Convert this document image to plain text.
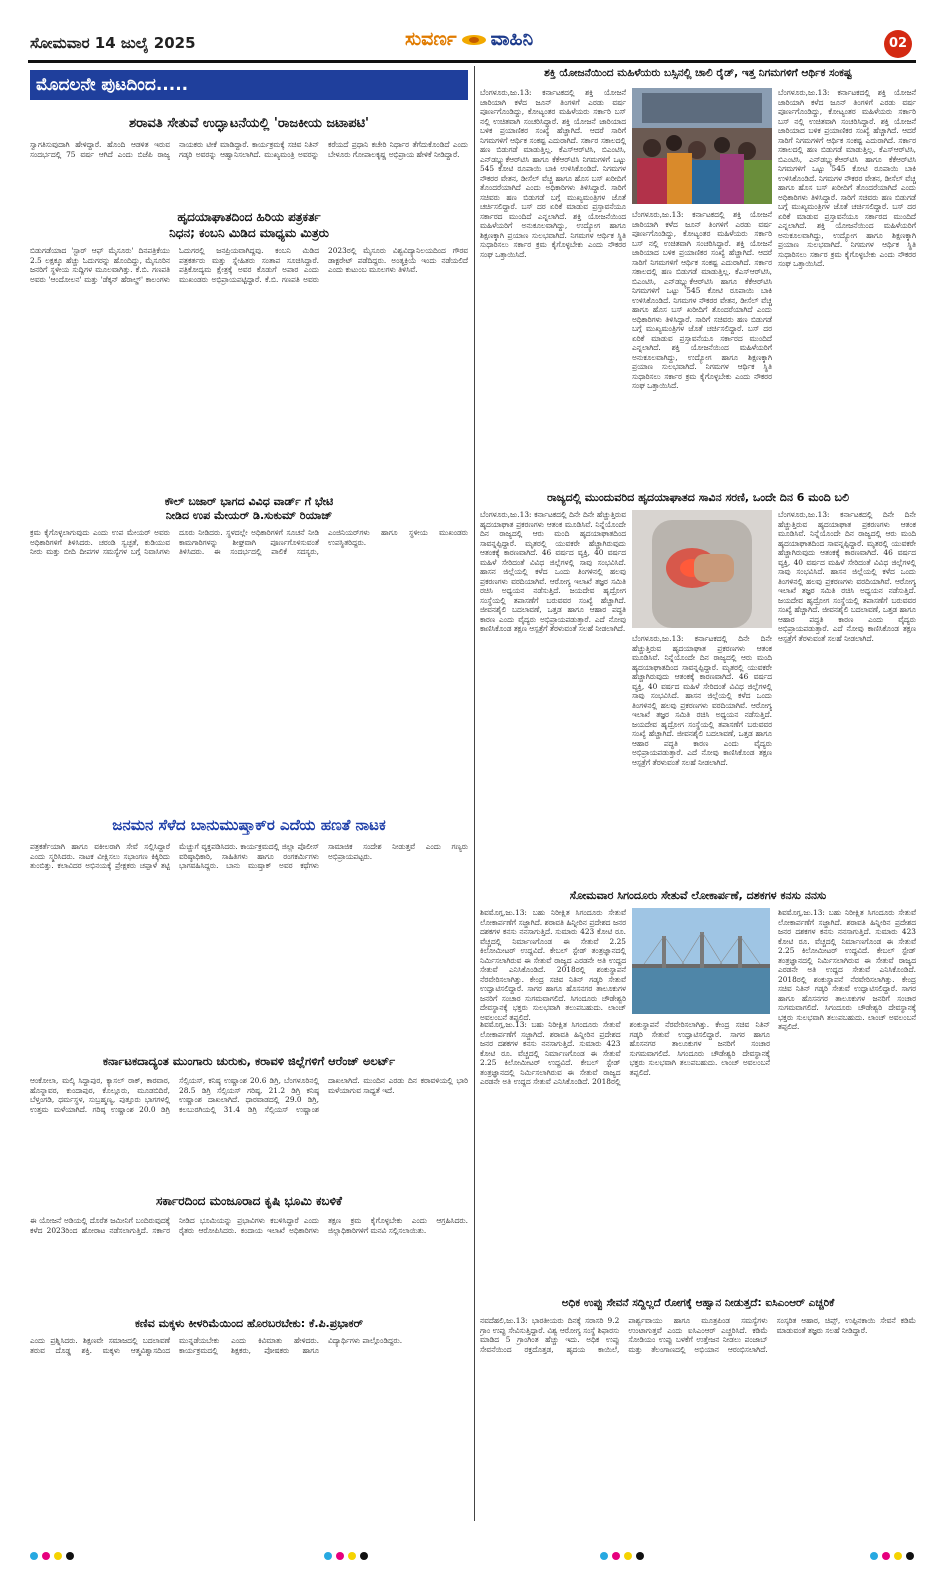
ಸೋಮವಾರ 14 ಜುಲೈ 2025	ಸುವರ್ಣ ವಾಹಿನಿ	02
ಮೊದಲನೇ ಪುಟದಿಂದ.....
ಶರಾವತಿ ಸೇತುವೆ ಉದ್ಘಾಟನೆಯಲ್ಲಿ 'ರಾಜಕೀಯ ಜಟಾಪಟಿ'
ಸ್ವಾಗತಿಸುವುದಾಗಿ ಹೇಳಿದ್ದಾರೆ. ಹೊಂದಿ ಆಡಳಿತ ಇರುವ ಸಂದರ್ಭದಲ್ಲಿ 75 ವರ್ಷ ಆಗಿದೆ ಎಂದು ಬಿಜೆಪಿ ರಾಜ್ಯ ನಾಯಕರು ಟೀಕೆ ಮಾಡಿದ್ದಾರೆ. ಕಾರ್ಯಕ್ರಮಕ್ಕೆ ಸಚಿವ ನಿತಿನ್ ಗಡ್ಕರಿ ಅವರನ್ನು ಆಹ್ವಾನಿಸಲಾಗಿದೆ. ಮುಖ್ಯಮಂತ್ರಿ ಅವರನ್ನು ಕರೆಯದೆ ಪ್ರಧಾನಿ ಕಚೇರಿ ನಿರ್ಧಾರ ತೆಗೆದುಕೊಂಡಿದೆ ಎಂದು ಬೇಳೂರು ಗೋಪಾಲಕೃಷ್ಣ ಅಭಿಪ್ರಾಯ ಹೇಳಿಕೆ ನೀಡಿದ್ದಾರೆ.
ಹೃದಯಾಘಾತದಿಂದ ಹಿರಿಯ ಪತ್ರಕರ್ತ
ನಿಧನ; ಕಂಬನಿ ಮಿಡಿದ ಮಾಧ್ಯಮ ಮಿತ್ರರು
ಬಿಡುಗಡೆಯಾದ 'ಸ್ಟಾರ್ ಆಫ್ ಮೈಸೂರು' ದಿನಪತ್ರಿಕೆಯು 2.5 ಲಕ್ಷಕ್ಕೂ ಹೆಚ್ಚು ಓದುಗರನ್ನು ಹೊಂದಿದ್ದು, ಮೈಸೂರಿನ ಜನರಿಗೆ ಸ್ಥಳೀಯ ಸುದ್ದಿಗಳ ಮೂಲವಾಗಿತ್ತು. ಕೆ.ಬಿ. ಗಣಪತಿ ಅವರು 'ಆಂದೋಲನ' ಮತ್ತು 'ಡೆಕ್ಕನ್ ಹೆರಾಲ್ಡ್' ಕಾಲಂಗಳು ಓದುಗರಲ್ಲಿ ಜನಪ್ರಿಯವಾಗಿದ್ದವು. ಕಂಬನಿ ಮಿಡಿದ ಪತ್ರಕರ್ತರು ಮತ್ತು ಸ್ನೇಹಿತರು ಸಂತಾಪ ಸೂಚಿಸಿದ್ದಾರೆ. ಪತ್ರಿಕೋದ್ಯಮ ಕ್ಷೇತ್ರಕ್ಕೆ ಅವರ ಕೊಡುಗೆ ಅಪಾರ ಎಂದು ಮುಖಂಡರು ಅಭಿಪ್ರಾಯಪಟ್ಟಿದ್ದಾರೆ. ಕೆ.ಬಿ. ಗಣಪತಿ ಅವರು 2023ರಲ್ಲಿ ಮೈಸೂರು ವಿಶ್ವವಿದ್ಯಾನಿಲಯದಿಂದ ಗೌರವ ಡಾಕ್ಟರೇಟ್ ಪಡೆದಿದ್ದರು. ಅಂತ್ಯಕ್ರಿಯೆ ಇಂದು ನಡೆಯಲಿದೆ ಎಂದು ಕುಟುಂಬ ಮೂಲಗಳು ತಿಳಿಸಿವೆ.
ಕೌಲ್ ಬಜಾರ್ ಭಾಗದ ವಿವಿಧ ವಾರ್ಡ್ ಗೆ ಭೇಟಿ
ನೀಡಿದ ಉಪ ಮೇಯರ್ ಡಿ.ಸುಕುಮ್ ರಿಯಾಜ್
ಕ್ರಮ ಕೈಗೊಳ್ಳಲಾಗುವುದು ಎಂದು ಉಪ ಮೇಯರ್ ಅವರು ಅಧಿಕಾರಿಗಳಿಗೆ ತಿಳಿಸಿದರು. ಚರಂಡಿ ಸ್ವಚ್ಛತೆ, ಕುಡಿಯುವ ನೀರು ಮತ್ತು ಬೀದಿ ದೀಪಗಳ ಸಮಸ್ಯೆಗಳ ಬಗ್ಗೆ ನಿವಾಸಿಗಳು ದೂರು ನೀಡಿದರು. ಸ್ಥಳದಲ್ಲೇ ಅಧಿಕಾರಿಗಳಿಗೆ ಸೂಚನೆ ನೀಡಿ ಕಾಮಗಾರಿಗಳನ್ನು ಶೀಘ್ರವಾಗಿ ಪೂರ್ಣಗೊಳಿಸುವಂತೆ ತಿಳಿಸಿದರು. ಈ ಸಂದರ್ಭದಲ್ಲಿ ಪಾಲಿಕೆ ಸದಸ್ಯರು, ಎಂಜಿನಿಯರ್‌ಗಳು ಹಾಗೂ ಸ್ಥಳೀಯ ಮುಖಂಡರು ಉಪಸ್ಥಿತರಿದ್ದರು.
ಜನಮನ ಸೆಳೆದ ಬಾನುಮುಷ್ತಾಕ್‌ರ ಎದೆಯ ಹಣತೆ ನಾಟಕ
ಪತ್ರಕರ್ತೆಯಾಗಿ ಹಾಗೂ ವಕೀಲರಾಗಿ ಸೇವೆ ಸಲ್ಲಿಸಿದ್ದಾರೆ ಎಂದು ಸ್ಮರಿಸಿದರು. ನಾಟಕ ವೀಕ್ಷಿಸಲು ಸಭಾಂಗಣ ಕಿಕ್ಕಿರಿದು ತುಂಬಿತ್ತು. ಕಲಾವಿದರ ಅಭಿನಯಕ್ಕೆ ಪ್ರೇಕ್ಷಕರು ಚಪ್ಪಾಳೆ ತಟ್ಟಿ ಮೆಚ್ಚುಗೆ ವ್ಯಕ್ತಪಡಿಸಿದರು. ಕಾರ್ಯಕ್ರಮದಲ್ಲಿ ಜಿಲ್ಲಾ ಪೊಲೀಸ್ ವರಿಷ್ಠಾಧಿಕಾರಿ, ಸಾಹಿತಿಗಳು ಹಾಗೂ ರಂಗಕರ್ಮಿಗಳು ಭಾಗವಹಿಸಿದ್ದರು. ಬಾನು ಮುಷ್ತಾಕ್ ಅವರ ಕಥೆಗಳು ಸಾಮಾಜಿಕ ಸಂದೇಶ ನೀಡುತ್ತವೆ ಎಂದು ಗಣ್ಯರು ಅಭಿಪ್ರಾಯಪಟ್ಟರು.
ಕರ್ನಾಟಕದಾದ್ಯಂತ ಮುಂಗಾರು ಚುರುಕು, ಕರಾವಳಿ ಜಿಲ್ಲೆಗಳಿಗೆ ಆರೆಂಜ್ ಅಲರ್ಟ್
ಆಂಕೋಲಾ, ಮಲ್ಕಿ ಸಿದ್ದಾಪುರ, ಕ್ಯಾಸಲ್ ರಾಕ್, ಕಾರವಾರ, ಹೊನ್ನಾವರ, ಕುಂದಾಪುರ, ಕೊಲ್ಲೂರು, ಮೂಡಬಿದಿರೆ, ಬೆಳ್ತಂಗಡಿ, ಧರ್ಮಸ್ಥಳ, ಸುಬ್ರಹ್ಮಣ್ಯ, ಪುತ್ತೂರು ಭಾಗಗಳಲ್ಲಿ ಉತ್ತಮ ಮಳೆಯಾಗಿದೆ. ಗರಿಷ್ಠ ಉಷ್ಣಾಂಶ 20.0 ಡಿಗ್ರಿ ಸೆಲ್ಸಿಯಸ್, ಕನಿಷ್ಠ ಉಷ್ಣಾಂಶ 20.6 ಡಿಗ್ರಿ, ಬೆಂಗಳೂರಿನಲ್ಲಿ 28.5 ಡಿಗ್ರಿ ಸೆಲ್ಸಿಯಸ್ ಗರಿಷ್ಠ, 21.2 ಡಿಗ್ರಿ ಕನಿಷ್ಠ ಉಷ್ಣಾಂಶ ದಾಖಲಾಗಿದೆ. ಧಾರವಾಡದಲ್ಲಿ 29.0 ಡಿಗ್ರಿ, ಕಲಬುರಗಿಯಲ್ಲಿ 31.4 ಡಿಗ್ರಿ ಸೆಲ್ಸಿಯಸ್ ಉಷ್ಣಾಂಶ ದಾಖಲಾಗಿದೆ. ಮುಂದಿನ ಎರಡು ದಿನ ಕರಾವಳಿಯಲ್ಲಿ ಭಾರಿ ಮಳೆಯಾಗುವ ಸಾಧ್ಯತೆ ಇದೆ.
ಸರ್ಕಾರದಿಂದ ಮಂಜೂರಾದ ಕೃಷಿ ಭೂಮಿ ಕಬಳಿಕೆ
ಈ ಯೋಜನೆ ಅಡಿಯಲ್ಲಿ ದೊರೆತ ಜಮೀನಿಗೆ ಬಂದಿರುವುದಕ್ಕೆ ಕಳೆದ 2023ರಿಂದ ಹೋರಾಟ ನಡೆಸಲಾಗುತ್ತಿದೆ. ಸರ್ಕಾರ ನೀಡಿದ ಭೂಮಿಯನ್ನು ಪ್ರಭಾವಿಗಳು ಕಬಳಿಸಿದ್ದಾರೆ ಎಂದು ರೈತರು ಆರೋಪಿಸಿದರು. ಕಂದಾಯ ಇಲಾಖೆ ಅಧಿಕಾರಿಗಳು ತಕ್ಷಣ ಕ್ರಮ ಕೈಗೊಳ್ಳಬೇಕು ಎಂದು ಆಗ್ರಹಿಸಿದರು. ಜಿಲ್ಲಾಧಿಕಾರಿಗಳಿಗೆ ಮನವಿ ಸಲ್ಲಿಸಲಾಯಿತು.
ಕಣಿವ ಮಕ್ಕಳು ಕೀಳರಿಮೆಯಿಂದ ಹೊರಬರಬೇಕು: ಕೆ.ಪಿ.ಪ್ರಭಾಕರ್
ಎಂದು ಪ್ರಶ್ನಿಸಿದರು. ಶಿಕ್ಷಣವೇ ಸಮಾಜದಲ್ಲಿ ಬದಲಾವಣೆ ತರುವ ದೊಡ್ಡ ಶಕ್ತಿ. ಮಕ್ಕಳು ಆತ್ಮವಿಶ್ವಾಸದಿಂದ ಮುನ್ನಡೆಯಬೇಕು ಎಂದು ಕಿವಿಮಾತು ಹೇಳಿದರು. ಕಾರ್ಯಕ್ರಮದಲ್ಲಿ ಶಿಕ್ಷಕರು, ಪೋಷಕರು ಹಾಗೂ ವಿದ್ಯಾರ್ಥಿಗಳು ಪಾಲ್ಗೊಂಡಿದ್ದರು.
ಶಕ್ತಿ ಯೋಜನೆಯಿಂದ ಮಹಿಳೆಯರು ಬಸ್ಸಿನಲ್ಲಿ ಚಾಲಿ ರೈಡ್, ಇತ್ತ ನಿಗಮಗಳಿಗೆ ಆರ್ಥಿಕ ಸಂಕಷ್ಟ
ಬೆಂಗಳೂರು,ಜು.13: ಕರ್ನಾಟಕದಲ್ಲಿ ಶಕ್ತಿ ಯೋಜನೆ ಜಾರಿಯಾಗಿ ಕಳೆದ ಜೂನ್ ತಿಂಗಳಿಗೆ ಎರಡು ವರ್ಷ ಪೂರ್ಣಗೊಂಡಿದ್ದು, ಕೋಟ್ಯಂತರ ಮಹಿಳೆಯರು ಸರ್ಕಾರಿ ಬಸ್ ನಲ್ಲಿ ಉಚಿತವಾಗಿ ಸಂಚರಿಸಿದ್ದಾರೆ. ಶಕ್ತಿ ಯೋಜನೆ ಜಾರಿಯಾದ ಬಳಿಕ ಪ್ರಯಾಣಿಕರ ಸಂಖ್ಯೆ ಹೆಚ್ಚಾಗಿದೆ. ಆದರೆ ಸಾರಿಗೆ ನಿಗಮಗಳಿಗೆ ಆರ್ಥಿಕ ಸಂಕಷ್ಟ ಎದುರಾಗಿದೆ. ಸರ್ಕಾರ ಸಕಾಲದಲ್ಲಿ ಹಣ ಬಿಡುಗಡೆ ಮಾಡುತ್ತಿಲ್ಲ. ಕೆಎಸ್ಆರ್‌ಟಿಸಿ, ಬಿಎಂಟಿಸಿ, ಎನ್‌ಡಬ್ಲ್ಯುಕೆಆರ್‌ಟಿಸಿ ಹಾಗೂ ಕೆಕೆಆರ್‌ಟಿಸಿ ನಿಗಮಗಳಿಗೆ ಒಟ್ಟು 545 ಕೋಟಿ ರೂಪಾಯಿ ಬಾಕಿ ಉಳಿಸಿಕೊಂಡಿದೆ. ನಿಗಮಗಳ ನೌಕರರ ವೇತನ, ಡೀಸೆಲ್ ವೆಚ್ಚ ಹಾಗೂ ಹೊಸ ಬಸ್ ಖರೀದಿಗೆ ತೊಂದರೆಯಾಗಿದೆ ಎಂದು ಅಧಿಕಾರಿಗಳು ತಿಳಿಸಿದ್ದಾರೆ. ಸಾರಿಗೆ ಸಚಿವರು ಹಣ ಬಿಡುಗಡೆ ಬಗ್ಗೆ ಮುಖ್ಯಮಂತ್ರಿಗಳ ಜೊತೆ ಚರ್ಚಿಸಲಿದ್ದಾರೆ. ಬಸ್ ದರ ಏರಿಕೆ ಮಾಡುವ ಪ್ರಸ್ತಾವನೆಯೂ ಸರ್ಕಾರದ ಮುಂದಿದೆ ಎನ್ನಲಾಗಿದೆ. ಶಕ್ತಿ ಯೋಜನೆಯಿಂದ ಮಹಿಳೆಯರಿಗೆ ಅನುಕೂಲವಾಗಿದ್ದು, ಉದ್ಯೋಗ ಹಾಗೂ ಶಿಕ್ಷಣಕ್ಕಾಗಿ ಪ್ರಯಾಣ ಸುಲಭವಾಗಿದೆ. ನಿಗಮಗಳ ಆರ್ಥಿಕ ಸ್ಥಿತಿ ಸುಧಾರಿಸಲು ಸರ್ಕಾರ ಕ್ರಮ ಕೈಗೊಳ್ಳಬೇಕು ಎಂದು ನೌಕರರ ಸಂಘ ಒತ್ತಾಯಿಸಿದೆ.
ಬೆಂಗಳೂರು,ಜು.13: ಕರ್ನಾಟಕದಲ್ಲಿ ಶಕ್ತಿ ಯೋಜನೆ ಜಾರಿಯಾಗಿ ಕಳೆದ ಜೂನ್ ತಿಂಗಳಿಗೆ ಎರಡು ವರ್ಷ ಪೂರ್ಣಗೊಂಡಿದ್ದು, ಕೋಟ್ಯಂತರ ಮಹಿಳೆಯರು ಸರ್ಕಾರಿ ಬಸ್ ನಲ್ಲಿ ಉಚಿತವಾಗಿ ಸಂಚರಿಸಿದ್ದಾರೆ. ಶಕ್ತಿ ಯೋಜನೆ ಜಾರಿಯಾದ ಬಳಿಕ ಪ್ರಯಾಣಿಕರ ಸಂಖ್ಯೆ ಹೆಚ್ಚಾಗಿದೆ. ಆದರೆ ಸಾರಿಗೆ ನಿಗಮಗಳಿಗೆ ಆರ್ಥಿಕ ಸಂಕಷ್ಟ ಎದುರಾಗಿದೆ. ಸರ್ಕಾರ ಸಕಾಲದಲ್ಲಿ ಹಣ ಬಿಡುಗಡೆ ಮಾಡುತ್ತಿಲ್ಲ. ಕೆಎಸ್ಆರ್‌ಟಿಸಿ, ಬಿಎಂಟಿಸಿ, ಎನ್‌ಡಬ್ಲ್ಯುಕೆಆರ್‌ಟಿಸಿ ಹಾಗೂ ಕೆಕೆಆರ್‌ಟಿಸಿ ನಿಗಮಗಳಿಗೆ ಒಟ್ಟು 545 ಕೋಟಿ ರೂಪಾಯಿ ಬಾಕಿ ಉಳಿಸಿಕೊಂಡಿದೆ. ನಿಗಮಗಳ ನೌಕರರ ವೇತನ, ಡೀಸೆಲ್ ವೆಚ್ಚ ಹಾಗೂ ಹೊಸ ಬಸ್ ಖರೀದಿಗೆ ತೊಂದರೆಯಾಗಿದೆ ಎಂದು ಅಧಿಕಾರಿಗಳು ತಿಳಿಸಿದ್ದಾರೆ. ಸಾರಿಗೆ ಸಚಿವರು ಹಣ ಬಿಡುಗಡೆ ಬಗ್ಗೆ ಮುಖ್ಯಮಂತ್ರಿಗಳ ಜೊತೆ ಚರ್ಚಿಸಲಿದ್ದಾರೆ. ಬಸ್ ದರ ಏರಿಕೆ ಮಾಡುವ ಪ್ರಸ್ತಾವನೆಯೂ ಸರ್ಕಾರದ ಮುಂದಿದೆ ಎನ್ನಲಾಗಿದೆ. ಶಕ್ತಿ ಯೋಜನೆಯಿಂದ ಮಹಿಳೆಯರಿಗೆ ಅನುಕೂಲವಾಗಿದ್ದು, ಉದ್ಯೋಗ ಹಾಗೂ ಶಿಕ್ಷಣಕ್ಕಾಗಿ ಪ್ರಯಾಣ ಸುಲಭವಾಗಿದೆ. ನಿಗಮಗಳ ಆರ್ಥಿಕ ಸ್ಥಿತಿ ಸುಧಾರಿಸಲು ಸರ್ಕಾರ ಕ್ರಮ ಕೈಗೊಳ್ಳಬೇಕು ಎಂದು ನೌಕರರ ಸಂಘ ಒತ್ತಾಯಿಸಿದೆ.
ಬೆಂಗಳೂರು,ಜು.13: ಕರ್ನಾಟಕದಲ್ಲಿ ಶಕ್ತಿ ಯೋಜನೆ ಜಾರಿಯಾಗಿ ಕಳೆದ ಜೂನ್ ತಿಂಗಳಿಗೆ ಎರಡು ವರ್ಷ ಪೂರ್ಣಗೊಂಡಿದ್ದು, ಕೋಟ್ಯಂತರ ಮಹಿಳೆಯರು ಸರ್ಕಾರಿ ಬಸ್ ನಲ್ಲಿ ಉಚಿತವಾಗಿ ಸಂಚರಿಸಿದ್ದಾರೆ. ಶಕ್ತಿ ಯೋಜನೆ ಜಾರಿಯಾದ ಬಳಿಕ ಪ್ರಯಾಣಿಕರ ಸಂಖ್ಯೆ ಹೆಚ್ಚಾಗಿದೆ. ಆದರೆ ಸಾರಿಗೆ ನಿಗಮಗಳಿಗೆ ಆರ್ಥಿಕ ಸಂಕಷ್ಟ ಎದುರಾಗಿದೆ. ಸರ್ಕಾರ ಸಕಾಲದಲ್ಲಿ ಹಣ ಬಿಡುಗಡೆ ಮಾಡುತ್ತಿಲ್ಲ. ಕೆಎಸ್ಆರ್‌ಟಿಸಿ, ಬಿಎಂಟಿಸಿ, ಎನ್‌ಡಬ್ಲ್ಯುಕೆಆರ್‌ಟಿಸಿ ಹಾಗೂ ಕೆಕೆಆರ್‌ಟಿಸಿ ನಿಗಮಗಳಿಗೆ ಒಟ್ಟು 545 ಕೋಟಿ ರೂಪಾಯಿ ಬಾಕಿ ಉಳಿಸಿಕೊಂಡಿದೆ. ನಿಗಮಗಳ ನೌಕರರ ವೇತನ, ಡೀಸೆಲ್ ವೆಚ್ಚ ಹಾಗೂ ಹೊಸ ಬಸ್ ಖರೀದಿಗೆ ತೊಂದರೆಯಾಗಿದೆ ಎಂದು ಅಧಿಕಾರಿಗಳು ತಿಳಿಸಿದ್ದಾರೆ. ಸಾರಿಗೆ ಸಚಿವರು ಹಣ ಬಿಡುಗಡೆ ಬಗ್ಗೆ ಮುಖ್ಯಮಂತ್ರಿಗಳ ಜೊತೆ ಚರ್ಚಿಸಲಿದ್ದಾರೆ. ಬಸ್ ದರ ಏರಿಕೆ ಮಾಡುವ ಪ್ರಸ್ತಾವನೆಯೂ ಸರ್ಕಾರದ ಮುಂದಿದೆ ಎನ್ನಲಾಗಿದೆ. ಶಕ್ತಿ ಯೋಜನೆಯಿಂದ ಮಹಿಳೆಯರಿಗೆ ಅನುಕೂಲವಾಗಿದ್ದು, ಉದ್ಯೋಗ ಹಾಗೂ ಶಿಕ್ಷಣಕ್ಕಾಗಿ ಪ್ರಯಾಣ ಸುಲಭವಾಗಿದೆ. ನಿಗಮಗಳ ಆರ್ಥಿಕ ಸ್ಥಿತಿ ಸುಧಾರಿಸಲು ಸರ್ಕಾರ ಕ್ರಮ ಕೈಗೊಳ್ಳಬೇಕು ಎಂದು ನೌಕರರ ಸಂಘ ಒತ್ತಾಯಿಸಿದೆ.
ರಾಜ್ಯದಲ್ಲಿ ಮುಂದುವರಿದ ಹೃದಯಾಘಾತದ ಸಾವಿನ ಸರಣಿ, ಒಂದೇ ದಿನ 6 ಮಂದಿ ಬಲಿ
ಬೆಂಗಳೂರು,ಜು.13: ಕರ್ನಾಟಕದಲ್ಲಿ ದಿನೇ ದಿನೇ ಹೆಚ್ಚುತ್ತಿರುವ ಹೃದಯಾಘಾತ ಪ್ರಕರಣಗಳು ಆತಂಕ ಮೂಡಿಸಿವೆ. ನಿನ್ನೆಯೊಂದೇ ದಿನ ರಾಜ್ಯದಲ್ಲಿ ಆರು ಮಂದಿ ಹೃದಯಾಘಾತದಿಂದ ಸಾವನ್ನಪ್ಪಿದ್ದಾರೆ. ಮೃತರಲ್ಲಿ ಯುವಕರೇ ಹೆಚ್ಚಾಗಿರುವುದು ಆತಂಕಕ್ಕೆ ಕಾರಣವಾಗಿದೆ. 46 ವರ್ಷದ ವ್ಯಕ್ತಿ, 40 ವರ್ಷದ ಮಹಿಳೆ ಸೇರಿದಂತೆ ವಿವಿಧ ಜಿಲ್ಲೆಗಳಲ್ಲಿ ಸಾವು ಸಂಭವಿಸಿದೆ. ಹಾಸನ ಜಿಲ್ಲೆಯಲ್ಲಿ ಕಳೆದ ಒಂದು ತಿಂಗಳಿನಲ್ಲಿ ಹಲವು ಪ್ರಕರಣಗಳು ವರದಿಯಾಗಿವೆ. ಆರೋಗ್ಯ ಇಲಾಖೆ ತಜ್ಞರ ಸಮಿತಿ ರಚಿಸಿ ಅಧ್ಯಯನ ನಡೆಸುತ್ತಿದೆ. ಜಯದೇವ ಹೃದ್ರೋಗ ಸಂಸ್ಥೆಯಲ್ಲಿ ತಪಾಸಣೆಗೆ ಬರುವವರ ಸಂಖ್ಯೆ ಹೆಚ್ಚಾಗಿದೆ. ಜೀವನಶೈಲಿ ಬದಲಾವಣೆ, ಒತ್ತಡ ಹಾಗೂ ಆಹಾರ ಪದ್ಧತಿ ಕಾರಣ ಎಂದು ವೈದ್ಯರು ಅಭಿಪ್ರಾಯಪಡುತ್ತಾರೆ. ಎದೆ ನೋವು ಕಾಣಿಸಿಕೊಂಡ ತಕ್ಷಣ ಆಸ್ಪತ್ರೆಗೆ ತೆರಳುವಂತೆ ಸಲಹೆ ನೀಡಲಾಗಿದೆ.
ಬೆಂಗಳೂರು,ಜು.13: ಕರ್ನಾಟಕದಲ್ಲಿ ದಿನೇ ದಿನೇ ಹೆಚ್ಚುತ್ತಿರುವ ಹೃದಯಾಘಾತ ಪ್ರಕರಣಗಳು ಆತಂಕ ಮೂಡಿಸಿವೆ. ನಿನ್ನೆಯೊಂದೇ ದಿನ ರಾಜ್ಯದಲ್ಲಿ ಆರು ಮಂದಿ ಹೃದಯಾಘಾತದಿಂದ ಸಾವನ್ನಪ್ಪಿದ್ದಾರೆ. ಮೃತರಲ್ಲಿ ಯುವಕರೇ ಹೆಚ್ಚಾಗಿರುವುದು ಆತಂಕಕ್ಕೆ ಕಾರಣವಾಗಿದೆ. 46 ವರ್ಷದ ವ್ಯಕ್ತಿ, 40 ವರ್ಷದ ಮಹಿಳೆ ಸೇರಿದಂತೆ ವಿವಿಧ ಜಿಲ್ಲೆಗಳಲ್ಲಿ ಸಾವು ಸಂಭವಿಸಿದೆ. ಹಾಸನ ಜಿಲ್ಲೆಯಲ್ಲಿ ಕಳೆದ ಒಂದು ತಿಂಗಳಿನಲ್ಲಿ ಹಲವು ಪ್ರಕರಣಗಳು ವರದಿಯಾಗಿವೆ. ಆರೋಗ್ಯ ಇಲಾಖೆ ತಜ್ಞರ ಸಮಿತಿ ರಚಿಸಿ ಅಧ್ಯಯನ ನಡೆಸುತ್ತಿದೆ. ಜಯದೇವ ಹೃದ್ರೋಗ ಸಂಸ್ಥೆಯಲ್ಲಿ ತಪಾಸಣೆಗೆ ಬರುವವರ ಸಂಖ್ಯೆ ಹೆಚ್ಚಾಗಿದೆ. ಜೀವನಶೈಲಿ ಬದಲಾವಣೆ, ಒತ್ತಡ ಹಾಗೂ ಆಹಾರ ಪದ್ಧತಿ ಕಾರಣ ಎಂದು ವೈದ್ಯರು ಅಭಿಪ್ರಾಯಪಡುತ್ತಾರೆ. ಎದೆ ನೋವು ಕಾಣಿಸಿಕೊಂಡ ತಕ್ಷಣ ಆಸ್ಪತ್ರೆಗೆ ತೆರಳುವಂತೆ ಸಲಹೆ ನೀಡಲಾಗಿದೆ.
ಬೆಂಗಳೂರು,ಜು.13: ಕರ್ನಾಟಕದಲ್ಲಿ ದಿನೇ ದಿನೇ ಹೆಚ್ಚುತ್ತಿರುವ ಹೃದಯಾಘಾತ ಪ್ರಕರಣಗಳು ಆತಂಕ ಮೂಡಿಸಿವೆ. ನಿನ್ನೆಯೊಂದೇ ದಿನ ರಾಜ್ಯದಲ್ಲಿ ಆರು ಮಂದಿ ಹೃದಯಾಘಾತದಿಂದ ಸಾವನ್ನಪ್ಪಿದ್ದಾರೆ. ಮೃತರಲ್ಲಿ ಯುವಕರೇ ಹೆಚ್ಚಾಗಿರುವುದು ಆತಂಕಕ್ಕೆ ಕಾರಣವಾಗಿದೆ. 46 ವರ್ಷದ ವ್ಯಕ್ತಿ, 40 ವರ್ಷದ ಮಹಿಳೆ ಸೇರಿದಂತೆ ವಿವಿಧ ಜಿಲ್ಲೆಗಳಲ್ಲಿ ಸಾವು ಸಂಭವಿಸಿದೆ. ಹಾಸನ ಜಿಲ್ಲೆಯಲ್ಲಿ ಕಳೆದ ಒಂದು ತಿಂಗಳಿನಲ್ಲಿ ಹಲವು ಪ್ರಕರಣಗಳು ವರದಿಯಾಗಿವೆ. ಆರೋಗ್ಯ ಇಲಾಖೆ ತಜ್ಞರ ಸಮಿತಿ ರಚಿಸಿ ಅಧ್ಯಯನ ನಡೆಸುತ್ತಿದೆ. ಜಯದೇವ ಹೃದ್ರೋಗ ಸಂಸ್ಥೆಯಲ್ಲಿ ತಪಾಸಣೆಗೆ ಬರುವವರ ಸಂಖ್ಯೆ ಹೆಚ್ಚಾಗಿದೆ. ಜೀವನಶೈಲಿ ಬದಲಾವಣೆ, ಒತ್ತಡ ಹಾಗೂ ಆಹಾರ ಪದ್ಧತಿ ಕಾರಣ ಎಂದು ವೈದ್ಯರು ಅಭಿಪ್ರಾಯಪಡುತ್ತಾರೆ. ಎದೆ ನೋವು ಕಾಣಿಸಿಕೊಂಡ ತಕ್ಷಣ ಆಸ್ಪತ್ರೆಗೆ ತೆರಳುವಂತೆ ಸಲಹೆ ನೀಡಲಾಗಿದೆ.
ಸೋಮವಾರ ಸಿಗಂದೂರು ಸೇತುವೆ ಲೋಕಾರ್ಪಣೆ, ದಶಕಗಳ ಕನಸು ನನಸು
ಶಿವಮೊಗ್ಗ,ಜು.13: ಬಹು ನಿರೀಕ್ಷಿತ ಸಿಗಂದೂರು ಸೇತುವೆ ಲೋಕಾರ್ಪಣೆಗೆ ಸಜ್ಜಾಗಿದೆ. ಶರಾವತಿ ಹಿನ್ನೀರಿನ ಪ್ರದೇಶದ ಜನರ ದಶಕಗಳ ಕನಸು ನನಸಾಗುತ್ತಿದೆ. ಸುಮಾರು 423 ಕೋಟಿ ರೂ. ವೆಚ್ಚದಲ್ಲಿ ನಿರ್ಮಾಣಗೊಂಡ ಈ ಸೇತುವೆ 2.25 ಕಿಲೋಮೀಟರ್ ಉದ್ದವಿದೆ. ಕೇಬಲ್ ಸ್ಟೇಡ್ ತಂತ್ರಜ್ಞಾನದಲ್ಲಿ ನಿರ್ಮಿಸಲಾಗಿರುವ ಈ ಸೇತುವೆ ರಾಜ್ಯದ ಎರಡನೇ ಅತಿ ಉದ್ದದ ಸೇತುವೆ ಎನಿಸಿಕೊಂಡಿದೆ. 2018ರಲ್ಲಿ ಶಂಕುಸ್ಥಾಪನೆ ನೆರವೇರಿಸಲಾಗಿತ್ತು. ಕೇಂದ್ರ ಸಚಿವ ನಿತಿನ್ ಗಡ್ಕರಿ ಸೇತುವೆ ಉದ್ಘಾಟಿಸಲಿದ್ದಾರೆ. ಸಾಗರ ಹಾಗೂ ಹೊಸನಗರ ತಾಲೂಕುಗಳ ಜನರಿಗೆ ಸಂಚಾರ ಸುಗಮವಾಗಲಿದೆ. ಸಿಗಂದೂರು ಚೌಡೇಶ್ವರಿ ದೇವಸ್ಥಾನಕ್ಕೆ ಭಕ್ತರು ಸುಲಭವಾಗಿ ತಲುಪಬಹುದು. ಲಾಂಚ್ ಅವಲಂಬನೆ ತಪ್ಪಲಿದೆ.
ಶಿವಮೊಗ್ಗ,ಜು.13: ಬಹು ನಿರೀಕ್ಷಿತ ಸಿಗಂದೂರು ಸೇತುವೆ ಲೋಕಾರ್ಪಣೆಗೆ ಸಜ್ಜಾಗಿದೆ. ಶರಾವತಿ ಹಿನ್ನೀರಿನ ಪ್ರದೇಶದ ಜನರ ದಶಕಗಳ ಕನಸು ನನಸಾಗುತ್ತಿದೆ. ಸುಮಾರು 423 ಕೋಟಿ ರೂ. ವೆಚ್ಚದಲ್ಲಿ ನಿರ್ಮಾಣಗೊಂಡ ಈ ಸೇತುವೆ 2.25 ಕಿಲೋಮೀಟರ್ ಉದ್ದವಿದೆ. ಕೇಬಲ್ ಸ್ಟೇಡ್ ತಂತ್ರಜ್ಞಾನದಲ್ಲಿ ನಿರ್ಮಿಸಲಾಗಿರುವ ಈ ಸೇತುವೆ ರಾಜ್ಯದ ಎರಡನೇ ಅತಿ ಉದ್ದದ ಸೇತುವೆ ಎನಿಸಿಕೊಂಡಿದೆ. 2018ರಲ್ಲಿ ಶಂಕುಸ್ಥಾಪನೆ ನೆರವೇರಿಸಲಾಗಿತ್ತು. ಕೇಂದ್ರ ಸಚಿವ ನಿತಿನ್ ಗಡ್ಕರಿ ಸೇತುವೆ ಉದ್ಘಾಟಿಸಲಿದ್ದಾರೆ. ಸಾಗರ ಹಾಗೂ ಹೊಸನಗರ ತಾಲೂಕುಗಳ ಜನರಿಗೆ ಸಂಚಾರ ಸುಗಮವಾಗಲಿದೆ. ಸಿಗಂದೂರು ಚೌಡೇಶ್ವರಿ ದೇವಸ್ಥಾನಕ್ಕೆ ಭಕ್ತರು ಸುಲಭವಾಗಿ ತಲುಪಬಹುದು. ಲಾಂಚ್ ಅವಲಂಬನೆ ತಪ್ಪಲಿದೆ.
ಶಿವಮೊಗ್ಗ,ಜು.13: ಬಹು ನಿರೀಕ್ಷಿತ ಸಿಗಂದೂರು ಸೇತುವೆ ಲೋಕಾರ್ಪಣೆಗೆ ಸಜ್ಜಾಗಿದೆ. ಶರಾವತಿ ಹಿನ್ನೀರಿನ ಪ್ರದೇಶದ ಜನರ ದಶಕಗಳ ಕನಸು ನನಸಾಗುತ್ತಿದೆ. ಸುಮಾರು 423 ಕೋಟಿ ರೂ. ವೆಚ್ಚದಲ್ಲಿ ನಿರ್ಮಾಣಗೊಂಡ ಈ ಸೇತುವೆ 2.25 ಕಿಲೋಮೀಟರ್ ಉದ್ದವಿದೆ. ಕೇಬಲ್ ಸ್ಟೇಡ್ ತಂತ್ರಜ್ಞಾನದಲ್ಲಿ ನಿರ್ಮಿಸಲಾಗಿರುವ ಈ ಸೇತುವೆ ರಾಜ್ಯದ ಎರಡನೇ ಅತಿ ಉದ್ದದ ಸೇತುವೆ ಎನಿಸಿಕೊಂಡಿದೆ. 2018ರಲ್ಲಿ ಶಂಕುಸ್ಥಾಪನೆ ನೆರವೇರಿಸಲಾಗಿತ್ತು. ಕೇಂದ್ರ ಸಚಿವ ನಿತಿನ್ ಗಡ್ಕರಿ ಸೇತುವೆ ಉದ್ಘಾಟಿಸಲಿದ್ದಾರೆ. ಸಾಗರ ಹಾಗೂ ಹೊಸನಗರ ತಾಲೂಕುಗಳ ಜನರಿಗೆ ಸಂಚಾರ ಸುಗಮವಾಗಲಿದೆ. ಸಿಗಂದೂರು ಚೌಡೇಶ್ವರಿ ದೇವಸ್ಥಾನಕ್ಕೆ ಭಕ್ತರು ಸುಲಭವಾಗಿ ತಲುಪಬಹುದು. ಲಾಂಚ್ ಅವಲಂಬನೆ ತಪ್ಪಲಿದೆ.
ಅಧಿಕ ಉಪ್ಪು ಸೇವನೆ ಸದ್ದಿಲ್ಲದೆ ರೋಗಕ್ಕೆ ಆಹ್ವಾನ ನೀಡುತ್ತದೆ: ಐಸಿಎಂಆರ್ ಎಚ್ಚರಿಕೆ
ನವದೆಹಲಿ,ಜು.13: ಭಾರತೀಯರು ದಿನಕ್ಕೆ ಸರಾಸರಿ 9.2 ಗ್ರಾಂ ಉಪ್ಪು ಸೇವಿಸುತ್ತಿದ್ದಾರೆ. ವಿಶ್ವ ಆರೋಗ್ಯ ಸಂಸ್ಥೆ ಶಿಫಾರಸು ಮಾಡಿದ 5 ಗ್ರಾಂಗಿಂತ ಹೆಚ್ಚು ಇದು. ಅಧಿಕ ಉಪ್ಪು ಸೇವನೆಯಿಂದ ರಕ್ತದೊತ್ತಡ, ಹೃದಯ ಕಾಯಿಲೆ, ಪಾರ್ಶ್ವವಾಯು ಹಾಗೂ ಮೂತ್ರಪಿಂಡ ಸಮಸ್ಯೆಗಳು ಉಂಟಾಗುತ್ತವೆ ಎಂದು ಐಸಿಎಂಆರ್ ಎಚ್ಚರಿಸಿದೆ. ಕಡಿಮೆ ಸೋಡಿಯಂ ಉಪ್ಪು ಬಳಕೆಗೆ ಉತ್ತೇಜನ ನೀಡಲು ಪಂಜಾಬ್ ಮತ್ತು ತೆಲಂಗಾಣದಲ್ಲಿ ಅಭಿಯಾನ ಆರಂಭಿಸಲಾಗಿದೆ. ಸಂಸ್ಕರಿತ ಆಹಾರ, ಚಿಪ್ಸ್, ಉಪ್ಪಿನಕಾಯಿ ಸೇವನೆ ಕಡಿಮೆ ಮಾಡುವಂತೆ ತಜ್ಞರು ಸಲಹೆ ನೀಡಿದ್ದಾರೆ.
